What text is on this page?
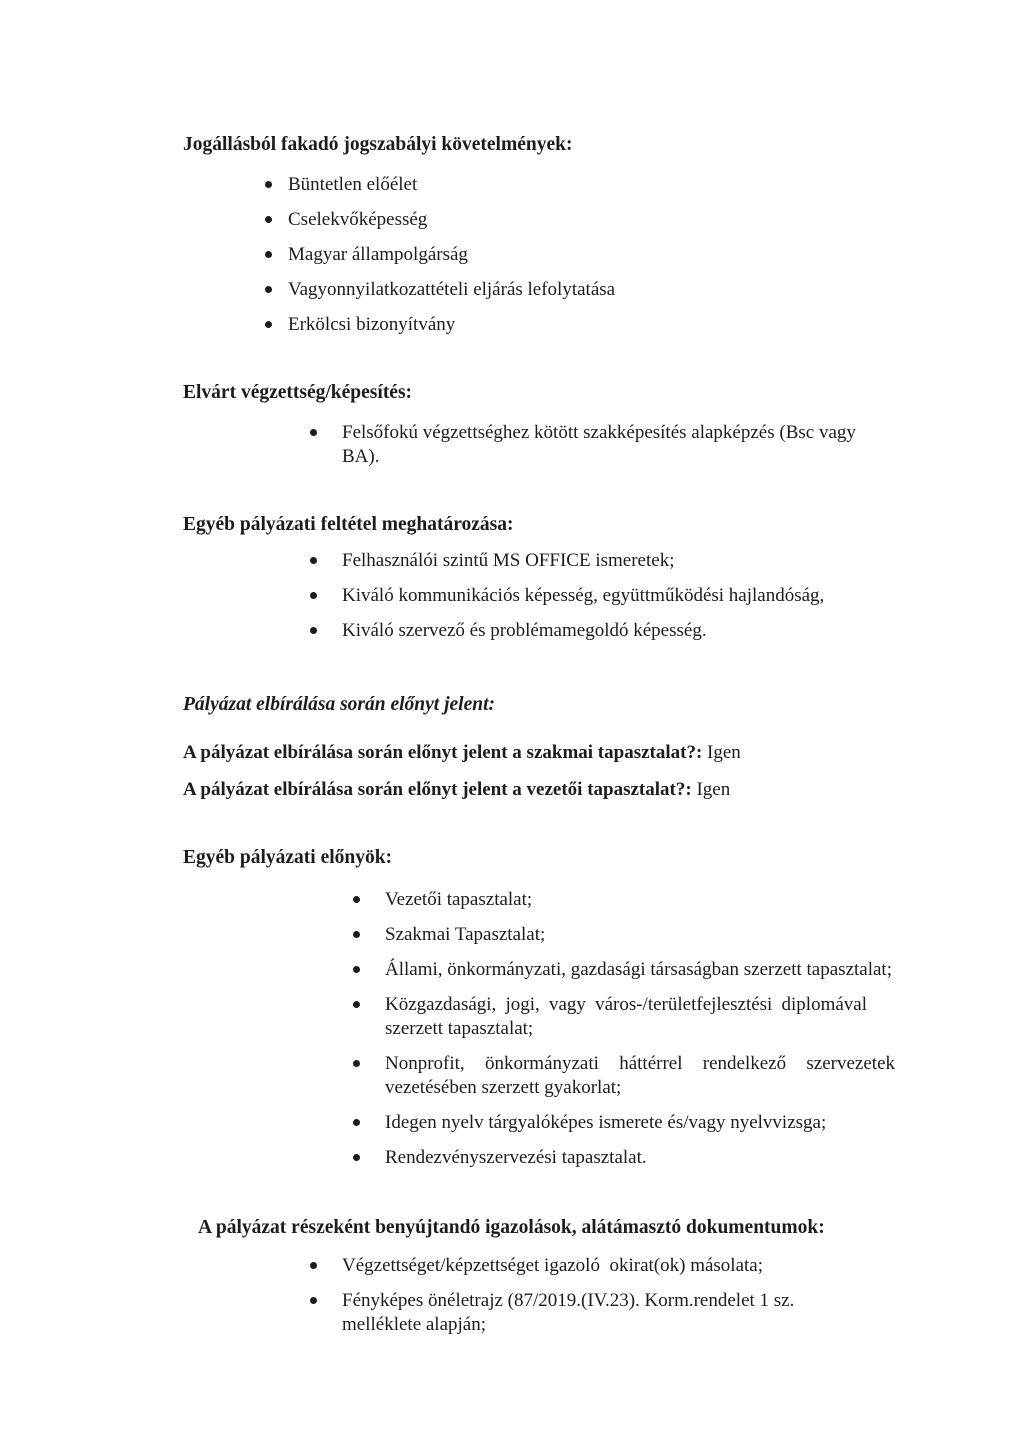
Jogállásból fakadó jogszabályi követelmények:
Büntetlen előélet
Cselekvőképesség
Magyar állampolgárság
Vagyonnyilatkozattételi eljárás lefolytatása
Erkölcsi bizonyítvány
Elvárt végzettség/képesítés:
Felsőfokú végzettséghez kötött szakképesítés alapképzés (Bsc vagy BA).
Egyéb pályázati feltétel meghatározása:
Felhasználói szintű MS OFFICE ismeretek;
Kiváló kommunikációs képesség, együttműködési hajlandóság,
Kiváló szervező és problémamegoldó képesség.
Pályázat elbírálása során előnyt jelent:

A pályázat elbírálása során előnyt jelent a szakmai tapasztalat?: Igen

A pályázat elbírálása során előnyt jelent a vezetői tapasztalat?: Igen

Egyéb pályázati előnyök:
Vezetői tapasztalat;
Szakmai Tapasztalat;
Állami, önkormányzati, gazdasági társaságban szerzett tapasztalat;
Közgazdasági, jogi, vagy város-/területfejlesztési diplomával szerzett tapasztalat;
Nonprofit, önkormányzati háttérrel rendelkező szervezetek vezetésében szerzett gyakorlat;
Idegen nyelv tárgyalóképes ismerete és/vagy nyelvvizsga;
Rendezvényszervezési tapasztalat.
A pályázat részeként benyújtandó igazolások, alátámasztó dokumentumok:
Végzettséget/képzettséget igazoló  okirat(ok) másolata;
Fényképes önéletrajz (87/2019.(IV.23). Korm.rendelet 1 sz. melléklete alapján;
